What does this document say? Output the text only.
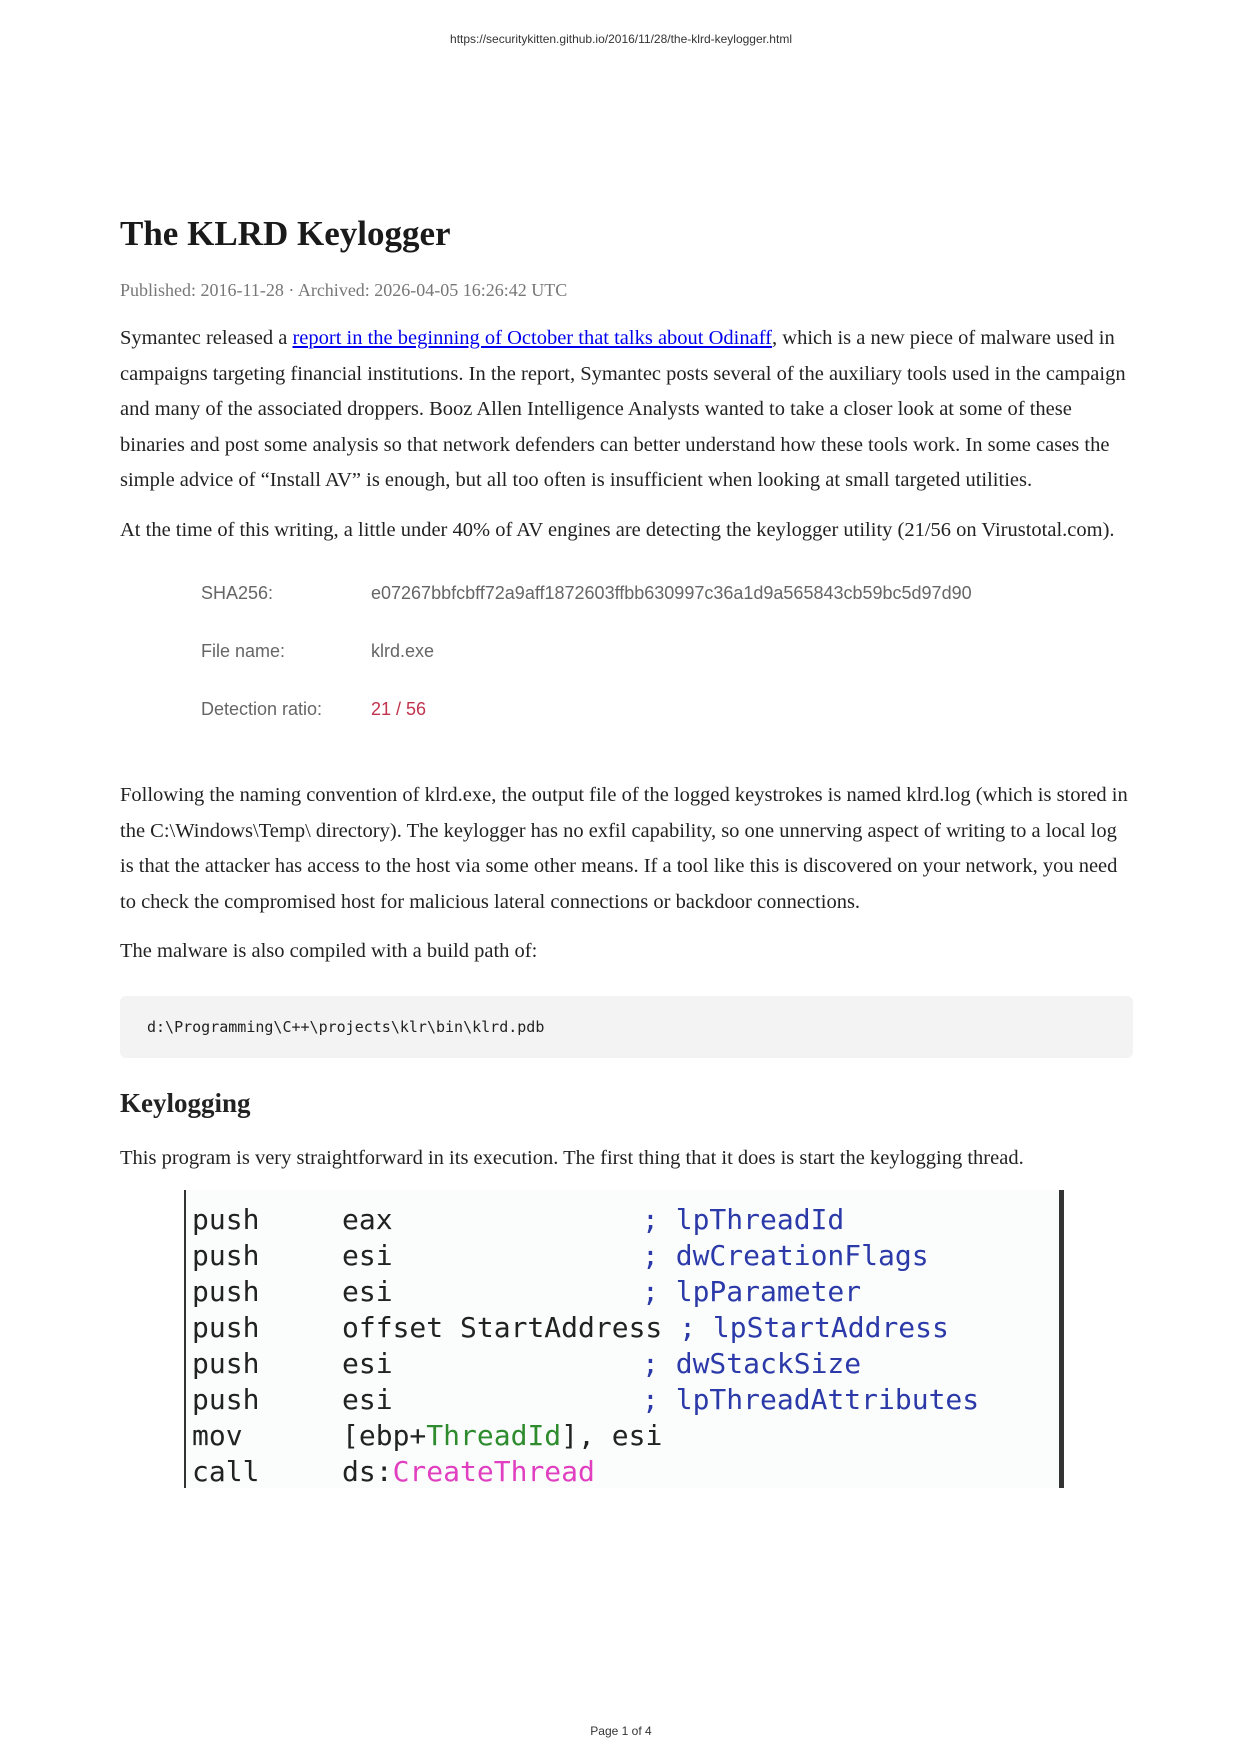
https://securitykitten.github.io/2016/11/28/the-klrd-keylogger.html
The KLRD Keylogger
Published: 2016-11-28 · Archived: 2026-04-05 16:26:42 UTC

Symantec released a report in the beginning of October that talks about Odinaff, which is a new piece of malware used in campaigns targeting financial institutions. In the report, Symantec posts several of the auxiliary tools used in the campaign and many of the associated droppers. Booz Allen Intelligence Analysts wanted to take a closer look at some of these binaries and post some analysis so that network defenders can better understand how these tools work. In some cases the simple advice of “Install AV” is enough, but all too often is insufficient when looking at small targeted utilities.

At the time of this writing, a little under 40% of AV engines are detecting the keylogger utility (21/56 on Virustotal.com).

SHA256:	e07267bbfcbff72a9aff1872603ffbb630997c36a1d9a565843cb59bc5d97d90
File name:	klrd.exe
Detection ratio:	21 / 56

Following the naming convention of klrd.exe, the output file of the logged keystrokes is named klrd.log (which is stored in the C:\Windows\Temp\ directory). The keylogger has no exfil capability, so one unnerving aspect of writing to a local log is that the attacker has access to the host via some other means. If a tool like this is discovered on your network, you need to check the compromised host for malicious lateral connections or backdoor connections.

The malware is also compiled with a build path of:

d:\Programming\C++\projects\klr\bin\klrd.pdb
Keylogging

This program is very straightforward in its execution. The first thing that it does is start the keylogging thread.

push	eax	; lpThreadId
push	esi	; dwCreationFlags
push	esi	; lpParameter
push	offset StartAddress ; lpStartAddress
push	esi	; dwStackSize
push	esi	; lpThreadAttributes
mov	[ebp+ThreadId], esi
call	ds:CreateThread
Page 1 of 4
